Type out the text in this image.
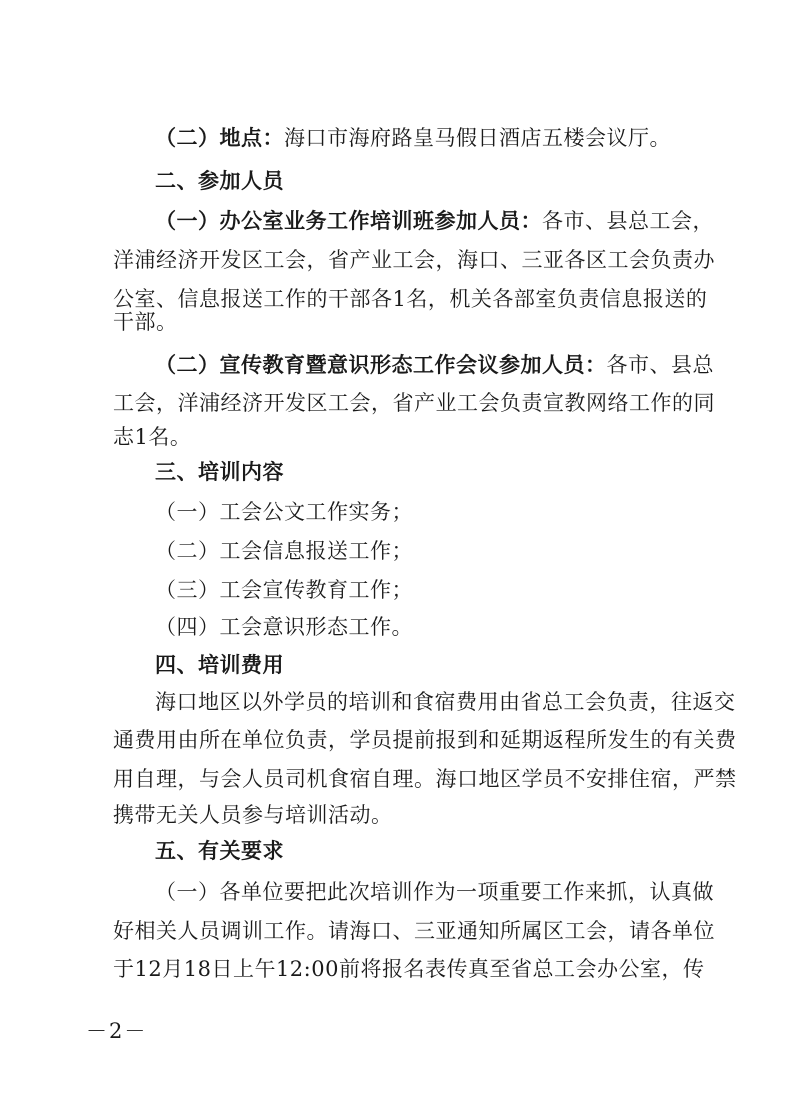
（二）地点：海口市海府路皇马假日酒店五楼会议厅。
二、参加人员
（一）办公室业务工作培训班参加人员：各市、县总工会，
洋浦经济开发区工会，省产业工会，海口、三亚各区工会负责办
公室、信息报送工作的干部各1名，机关各部室负责信息报送的
干部。
（二）宣传教育暨意识形态工作会议参加人员：各市、县总
工会，洋浦经济开发区工会，省产业工会负责宣教网络工作的同
志1名。
三、培训内容
（一）工会公文工作实务；
（二）工会信息报送工作；
（三）工会宣传教育工作；
（四）工会意识形态工作。
四、培训费用
海口地区以外学员的培训和食宿费用由省总工会负责，往返交
通费用由所在单位负责，学员提前报到和延期返程所发生的有关费
用自理，与会人员司机食宿自理。海口地区学员不安排住宿，严禁
携带无关人员参与培训活动。
五、有关要求
（一）各单位要把此次培训作为一项重要工作来抓，认真做
好相关人员调训工作。请海口、三亚通知所属区工会，请各单位
于12月18日上午12:00前将报名表传真至省总工会办公室，传
－2－
